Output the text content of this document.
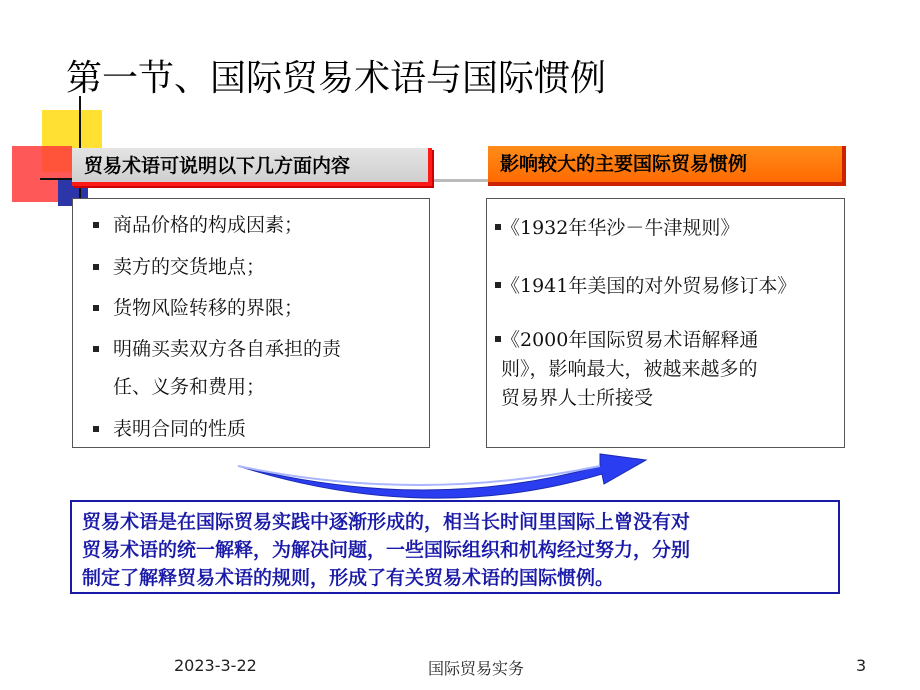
第一节、国际贸易术语与国际惯例
贸易术语可说明以下几方面内容
商品价格的构成因素；
卖方的交货地点；
货物风险转移的界限；
明确买卖双方各自承担的责
任、义务和费用；
表明合同的性质
影响较大的主要国际贸易惯例
《1932年华沙－牛津规则》
《1941年美国的对外贸易修订本》
《2000年国际贸易术语解释通
则》，影响最大，被越来越多的
贸易界人士所接受
贸易术语是在国际贸易实践中逐渐形成的，相当长时间里国际上曾没有对
贸易术语的统一解释，为解决问题，一些国际组织和机构经过努力，分别
制定了解释贸易术语的规则，形成了有关贸易术语的国际惯例。
2023-3-22	国际贸易实务	3
